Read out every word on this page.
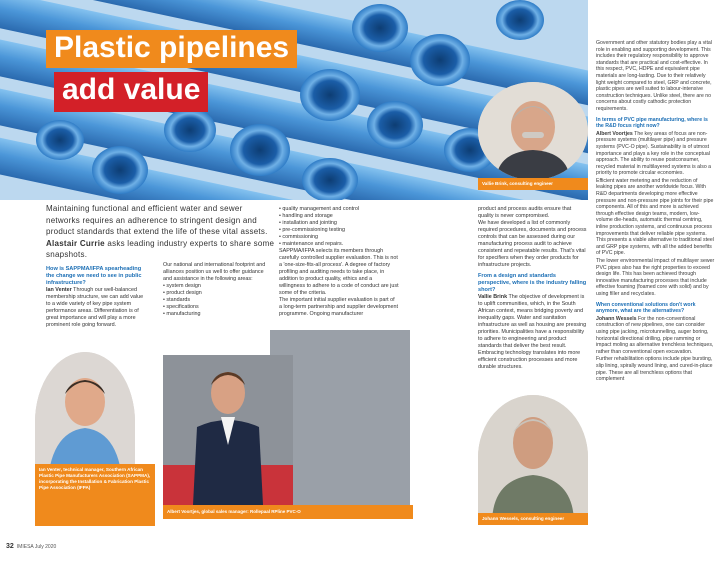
Plastic pipelines
add value
Vallie Brink, consulting engineer

Government and other statutory bodies play a vital role in enabling and supporting development. This includes their regulatory responsibility to approve standards that are practical and cost-effective. In this respect, PVC, HDPE and equivalent pipe materials are long-lasting. Due to their relatively light weight compared to steel, GRP and concrete, plastic pipes are well suited to labour-intensive construction techniques. Unlike steel, there are no concerns about costly cathodic protection requirements.

In terms of PVC pipe manufacturing, where is the R&D focus right now?

Albert Voortjes The key areas of focus are non-pressure systems (multilayer pipe) and pressure systems (PVC-O pipe). Sustainability is of utmost importance and plays a key role in the conceptual approach. The ability to reuse postconsumer, recycled material in multilayered systems is also a priority to promote circular economies.

Efficient water metering and the reduction of leaking pipes are another worldwide focus. With R&D departments developing more effective pressure and non-pressure pipe joints for their pipe components. All of this and more is achieved through effective design teams, modern, low-volume die-heads, automatic thermal centring, inline production systems, and continuous process improvements that deliver reliable pipe systems. This presents a viable alternative to traditional steel and GRP pipe systems, with all the added benefits of PVC pipe.

The lower environmental impact of multilayer sewer PVC pipes also has the right properties to exceed design life. This has been achieved through innovative manufacturing processes that include effective foaming (foamed core with solid) and by using filler and recyclates.

When conventional solutions don't work anymore, what are the alternatives?

Johann Wessels For the non-conventional construction of new pipelines, one can consider using pipe jacking, microtunnelling, auger boring, horizontal directional drilling, pipe ramming or impact moling as alternative trenchless techniques, rather than conventional open excavation.

Further rehabilitation options include pipe bursting, slip lining, spirally wound lining, and cured-in-place pipe. These are all trenchless options that complement

Maintaining functional and efficient water and sewer networks requires an adherence to stringent design and product standards that extend the life of these vital assets. Alastair Currie asks leading industry experts to share some snapshots.

How is SAPPMA/IFPA spearheading the change we need to see in public infrastructure?

Ian Venter Through our well-balanced membership structure, we can add value to a wide variety of key pipe system performance areas. Differentiation is of great importance and will play a more prominent role going forward.

Our national and international footprint and alliances position us well to offer guidance and assistance in the following areas:

• system design
• product design
• standards
• specifications
• manufacturing
• quality management and control
• handling and storage
• installation and jointing
• pre-commissioning testing
• commissioning
• maintenance and repairs.

SAPPMA/IFPA selects its members through carefully controlled supplier evaluation. This is not a 'one-size-fits-all process'. A degree of factory profiling and auditing needs to take place, in addition to product quality, ethics and a willingness to adhere to a code of conduct are just some of the criteria.

The important initial supplier evaluation is part of a long-term partnership and supplier development programme. Ongoing manufacturer

product and process audits ensure that quality is never compromised.

We have developed a list of commonly required procedures, documents and process controls that can be assessed during our manufacturing process audit to achieve consistent and repeatable results. That's vital for specifiers when they order products for infrastructure projects.

From a design and standards perspective, where is the industry falling short?

Vallie Brink The objective of development is to uplift communities, which, in the South African context, means bridging poverty and inequality gaps. Water and sanitation infrastructure as well as housing are pressing priorities. Municipalities have a responsibility to adhere to engineering and product standards that deliver the best result. Embracing technology translates into more efficient construction processes and more durable structures.

Ian Venter, technical manager, Southern African Plastic Pipe Manufacturers Association (SAPPMA), incorporating the Installation & Fabrication Plastic Pipe Association (IFPA)
Albert Voortjes, global sales manager: Rollepaal RPline PVC-O
Johann Wessels, consulting engineer
32 IMIESA July 2020
